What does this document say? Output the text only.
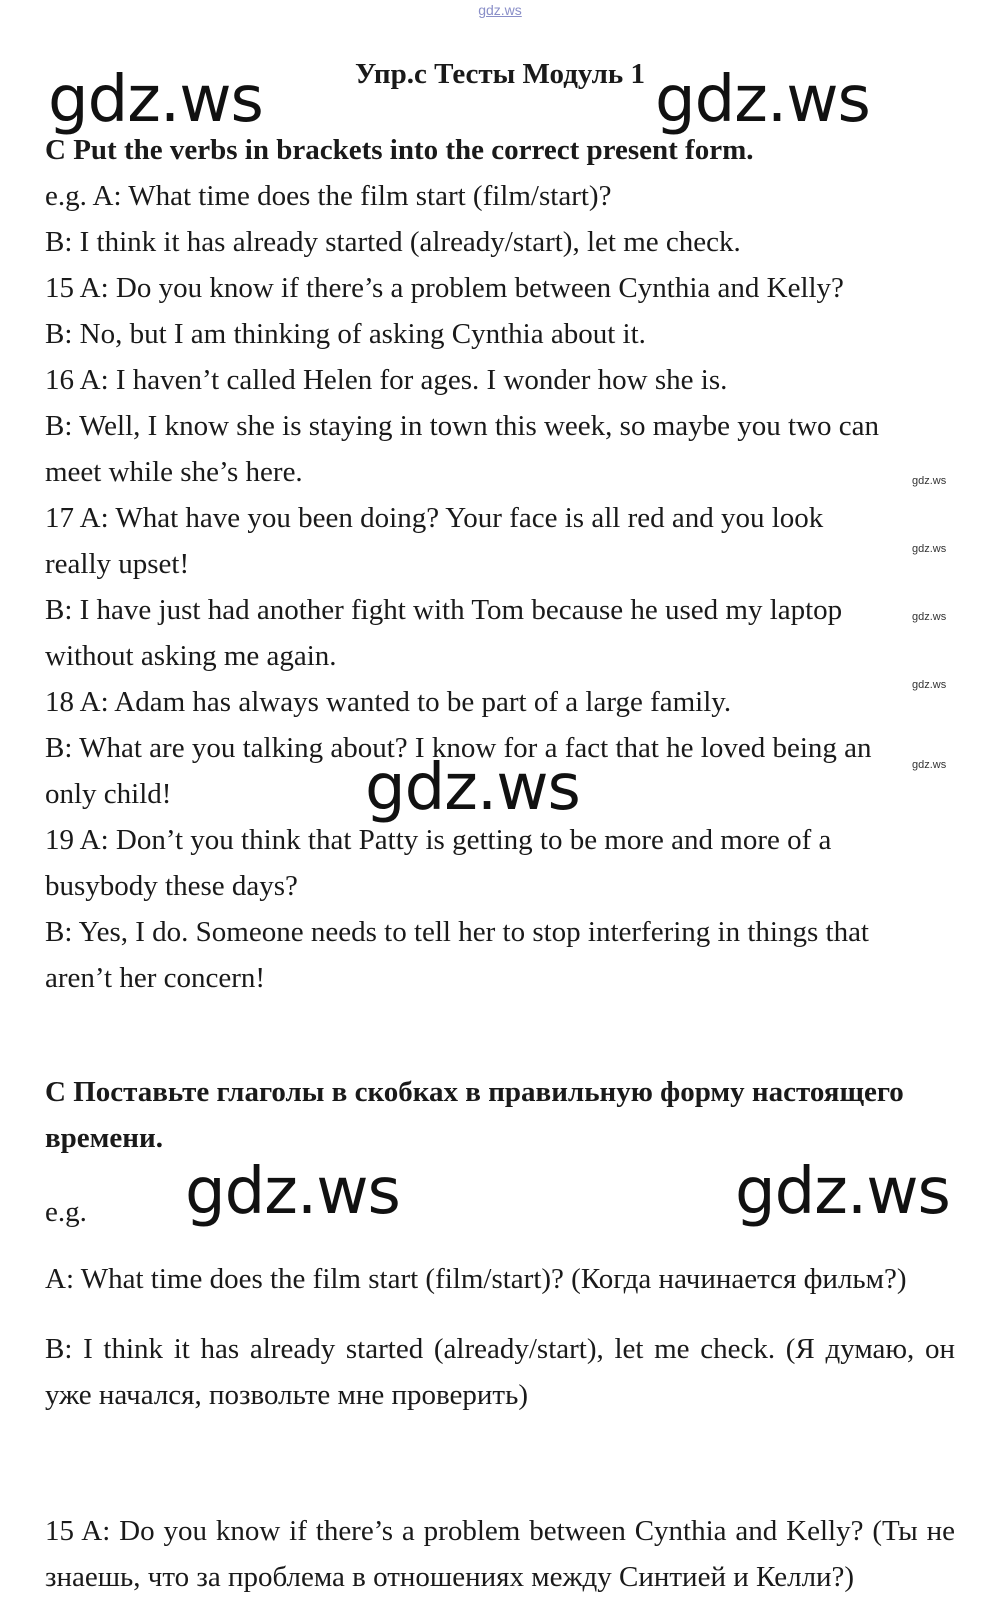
gdz.ws
gdz.ws	gdz.ws
gdz.ws
gdz.ws	gdz.ws
gdz.ws
gdz.ws
gdz.ws
gdz.ws
gdz.ws
Упр.с Тесты Модуль 1
C Put the verbs in brackets into the correct present form.
e.g. A: What time does the film start (film/start)?
B: I think it has already started (already/start), let me check.
15 A: Do you know if there’s a problem between Cynthia and Kelly?
B: No, but I am thinking of asking Cynthia about it.
16 A: I haven’t called Helen for ages. I wonder how she is.
B: Well, I know she is staying in town this week, so maybe you two can
meet while she’s here.
17 A: What have you been doing? Your face is all red and you look
really upset!
B: I have just had another fight with Tom because he used my laptop
without asking me again.
18 A: Adam has always wanted to be part of a large family.
B: What are you talking about? I know for a fact that he loved being an
only child!
19 A: Don’t you think that Patty is getting to be more and more of a
busybody these days?
B: Yes, I do. Someone needs to tell her to stop interfering in things that
aren’t her concern!
C Поставьте глаголы в скобках в правильную форму настоящего
времени.
e.g.
A: What time does the film start (film/start)? (Когда начинается фильм?)
B: I think it has already started (already/start), let me check. (Я думаю, он уже начался, позвольте мне проверить)
15 A: Do you know if there’s a problem between Cynthia and Kelly? (Ты не знаешь, что за проблема в отношениях между Синтией и Келли?)
